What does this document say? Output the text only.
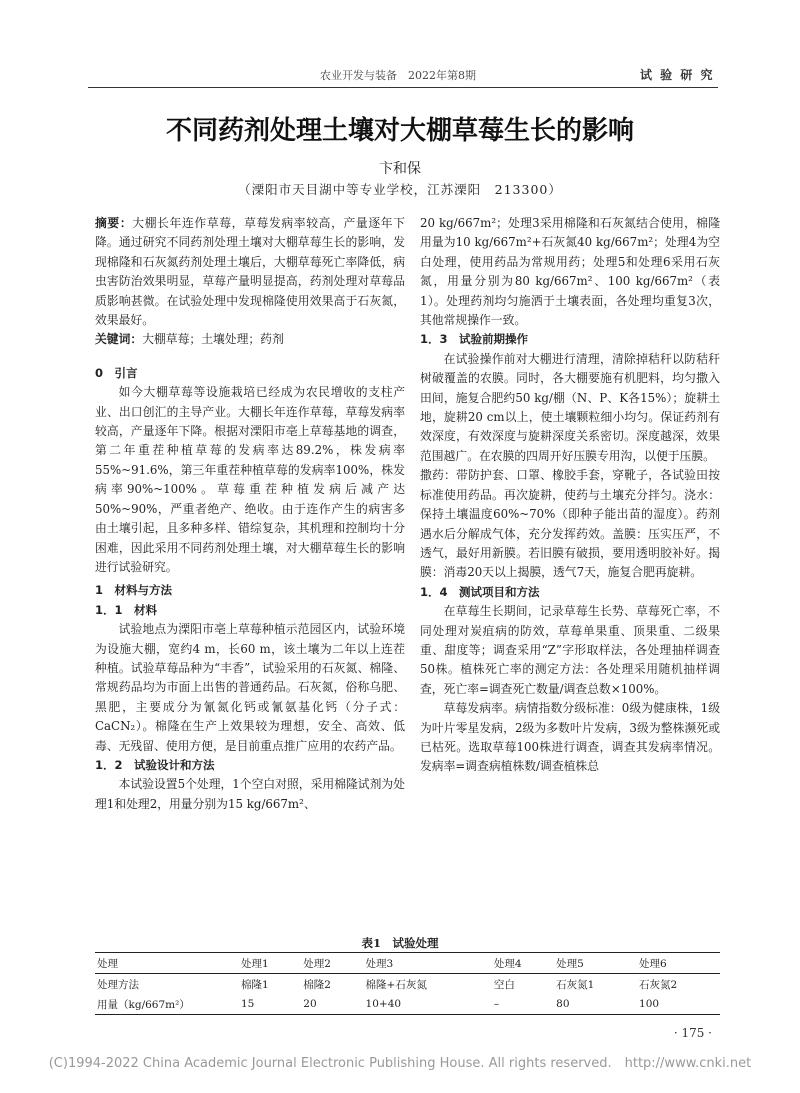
农业开发与装备　2022年第8期	试 验 研 究
不同药剂处理土壤对大棚草莓生长的影响
卞和保
（溧阳市天目湖中等专业学校，江苏溧阳　213300）

摘要：大棚长年连作草莓，草莓发病率较高，产量逐年下降。通过研究不同药剂处理土壤对大棚草莓生长的影响，发现棉隆和石灰氮药剂处理土壤后，大棚草莓死亡率降低，病虫害防治效果明显，草莓产量明显提高，药剂处理对草莓品质影响甚微。在试验处理中发现棉隆使用效果高于石灰氮，效果最好。

关键词：大棚草莓；土壤处理；药剂

0　引言

如今大棚草莓等设施栽培已经成为农民增收的支柱产业、出口创汇的主导产业。大棚长年连作草莓，草莓发病率较高，产量逐年下降。根据对溧阳市亳上草莓基地的调查，第二年重茬种植草莓的发病率达89.2%，株发病率55%~91.6%，第三年重茬种植草莓的发病率100%，株发病率90%~100%。草莓重茬种植发病后减产达50%~90%，严重者绝产、绝收。由于连作产生的病害多由土壤引起，且多种多样、错综复杂，其机理和控制均十分困难，因此采用不同药剂处理土壤，对大棚草莓生长的影响进行试验研究。

1　材料与方法

1．1　材料

试验地点为溧阳市亳上草莓种植示范园区内，试验环境为设施大棚，宽约4 m，长60 m，该土壤为二年以上连茬种植。试验草莓品种为“丰香”，试验采用的石灰氮、棉隆、常规药品均为市面上出售的普通药品。石灰氮，俗称乌肥、黑肥，主要成分为氰氮化钙或氰氨基化钙（分子式：CaCN₂）。棉隆在生产上效果较为理想，安全、高效、低毒、无残留、使用方便，是目前重点推广应用的农药产品。

1．2　试验设计和方法

本试验设置5个处理，1个空白对照，采用棉隆试剂为处理1和处理2，用量分别为15 kg/667m²、

20 kg/667m²；处理3采用棉隆和石灰氮结合使用，棉隆用量为10 kg/667m²+石灰氮40 kg/667m²；处理4为空白处理，使用药品为常规用药；处理5和处理6采用石灰氮，用量分别为80 kg/667m²、100 kg/667m²（表1）。处理药剂均匀施洒于土壤表面，各处理均重复3次，其他常规操作一致。

1．3　试验前期操作

在试验操作前对大棚进行清理，清除掉秸秆以防秸秆树破覆盖的农膜。同时，各大棚要施有机肥料，均匀撒入田间，施复合肥约50 kg/棚（N、P、K各15%）；旋耕土地，旋耕20 cm以上，使土壤颗粒细小均匀。保证药剂有效深度，有效深度与旋耕深度关系密切。深度越深，效果范围越广。在农膜的四周开好压膜专用沟，以便于压膜。

撒药：带防护套、口罩、橡胶手套，穿靴子，各试验田按标准使用药品。再次旋耕，使药与土壤充分拌匀。浇水：保持土壤温度60%~70%（即种子能出苗的湿度）。药剂遇水后分解成气体，充分发挥药效。盖膜：压实压严，不透气，最好用新膜。若旧膜有破损，要用透明胶补好。揭膜：消毒20天以上揭膜，透气7天，施复合肥再旋耕。

1．4　测试项目和方法

在草莓生长期间，记录草莓生长势、草莓死亡率，不同处理对炭疽病的防效，草莓单果重、顶果重、二级果重、甜度等；调查采用“Z”字形取样法，各处理抽样调查50株。植株死亡率的测定方法：各处理采用随机抽样调查，死亡率=调查死亡数量/调查总数×100%。

草莓发病率。病情指数分级标准：0级为健康株，1级为叶片零星发病，2级为多数叶片发病，3级为整株濒死或已枯死。选取草莓100株进行调查，调查其发病率情况。发病率=调查病植株数/调查植株总

表1　试验处理
处理	处理1	处理2	处理3	处理4	处理5	处理6
处理方法	棉隆1	棉隆2	棉隆+石灰氮	空白	石灰氮1	石灰氮2
用量（kg/667m²）	15	20	10+40	–	80	100
· 175 ·
(C)1994-2022 China Academic Journal Electronic Publishing House. All rights reserved.　http://www.cnki.net
